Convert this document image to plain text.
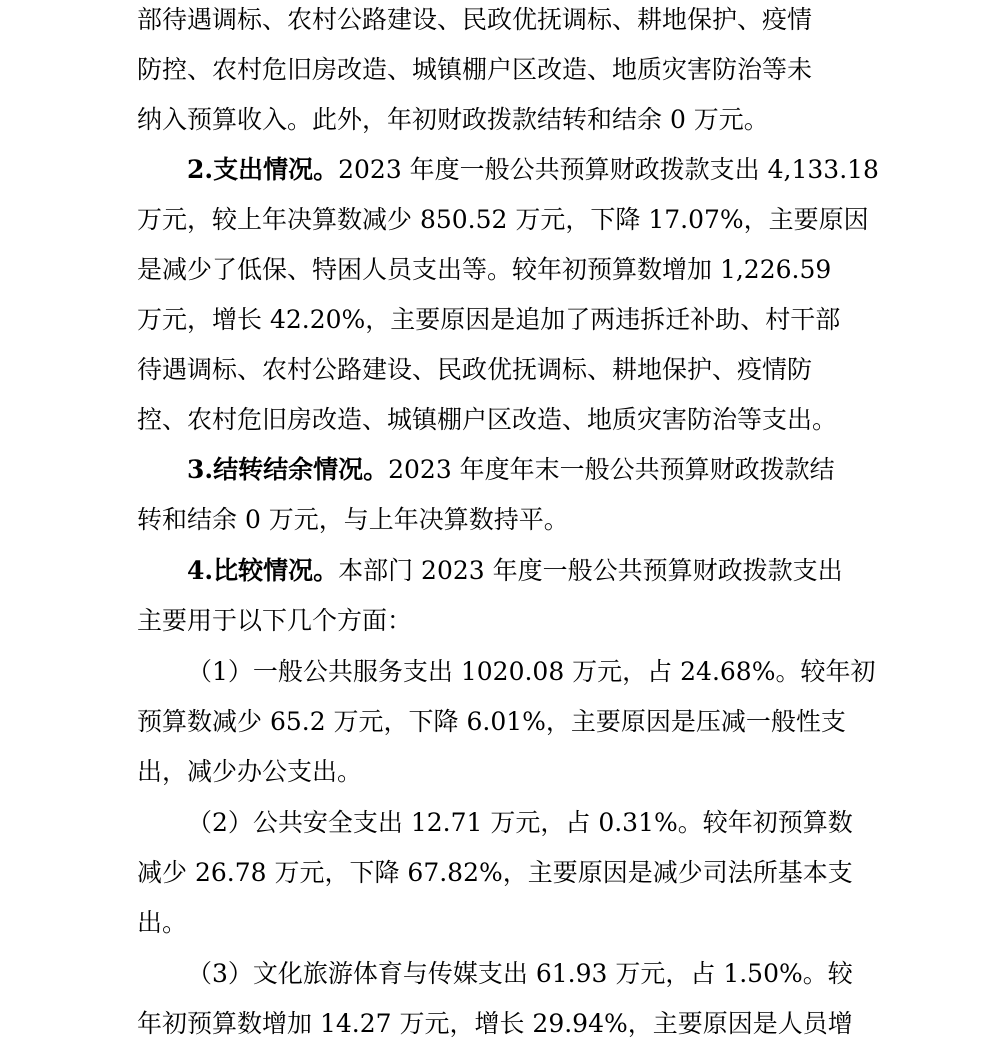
部待遇调标、农村公路建设、民政优抚调标、耕地保护、疫情
防控、农村危旧房改造、城镇棚户区改造、地质灾害防治等未
纳入预算收入。此外，年初财政拨款结转和结余 0 万元。
2.支出情况。2023 年度一般公共预算财政拨款支出 4,133.18
万元，较上年决算数减少 850.52 万元，下降 17.07%，主要原因
是减少了低保、特困人员支出等。较年初预算数增加 1,226.59
万元，增长 42.20%，主要原因是追加了两违拆迁补助、村干部
待遇调标、农村公路建设、民政优抚调标、耕地保护、疫情防
控、农村危旧房改造、城镇棚户区改造、地质灾害防治等支出。
3.结转结余情况。2023 年度年末一般公共预算财政拨款结
转和结余 0 万元，与上年决算数持平。
4.比较情况。本部门 2023 年度一般公共预算财政拨款支出
主要用于以下几个方面：
（1）一般公共服务支出 1020.08 万元，占 24.68%。较年初
预算数减少 65.2 万元，下降 6.01%，主要原因是压减一般性支
出，减少办公支出。
（2）公共安全支出 12.71 万元，占 0.31%。较年初预算数
减少 26.78 万元，下降 67.82%，主要原因是减少司法所基本支
出。
（3）文化旅游体育与传媒支出 61.93 万元，占 1.50%。较
年初预算数增加 14.27 万元，增长 29.94%，主要原因是人员增
